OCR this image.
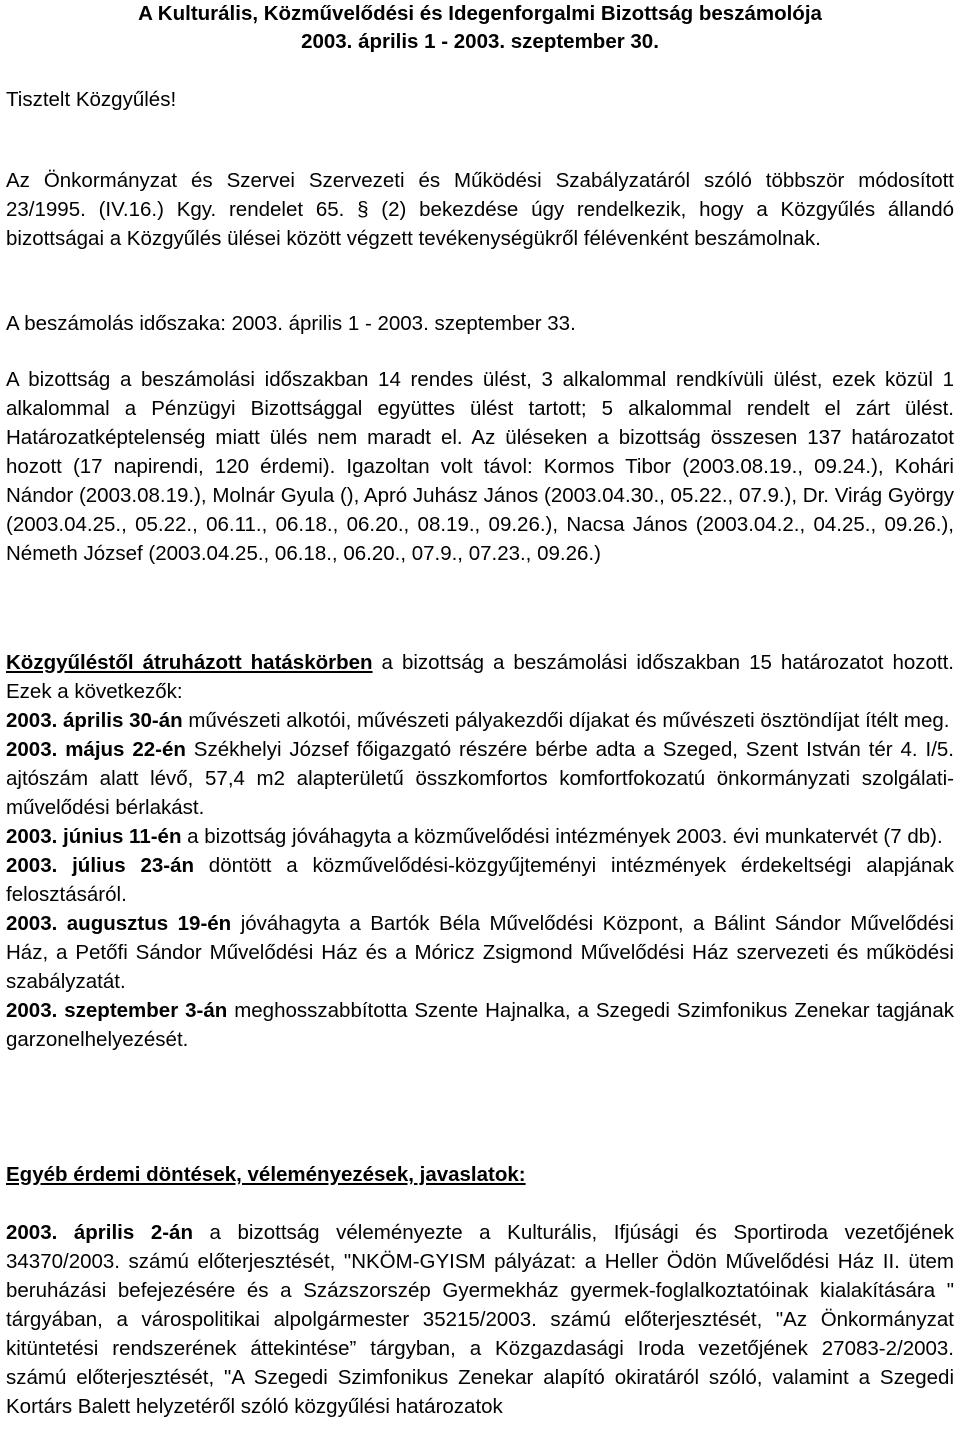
A Kulturális, Közművelődési és Idegenforgalmi Bizottság beszámolója
2003. április 1 - 2003. szeptember 30.

Tisztelt Közgyűlés!

Az Önkormányzat és Szervei Szervezeti és Működési Szabályzatáról szóló többször módosított 23/1995. (IV.16.) Kgy. rendelet 65. § (2) bekezdése úgy rendelkezik, hogy a Közgyűlés állandó bizottságai a Közgyűlés ülései között végzett tevékenységükről félévenként beszámolnak.

A beszámolás időszaka: 2003. április 1 - 2003. szeptember 33.

A bizottság a beszámolási időszakban 14 rendes ülést, 3 alkalommal rendkívüli ülést, ezek közül 1 alkalommal a Pénzügyi Bizottsággal együttes ülést tartott; 5 alkalommal rendelt el zárt ülést. Határozatképtelenség miatt ülés nem maradt el. Az üléseken a bizottság összesen 137 határozatot hozott (17 napirendi, 120 érdemi). Igazoltan volt távol: Kormos Tibor (2003.08.19., 09.24.), Kohári Nándor (2003.08.19.), Molnár Gyula (), Apró Juhász János (2003.04.30., 05.22., 07.9.), Dr. Virág György (2003.04.25., 05.22., 06.11., 06.18., 06.20., 08.19., 09.26.), Nacsa János (2003.04.2., 04.25., 09.26.), Németh József (2003.04.25., 06.18., 06.20., 07.9., 07.23., 09.26.)

Közgyűléstől átruházott hatáskörben a bizottság a beszámolási időszakban 15 határozatot hozott. Ezek a következők:

2003. április 30-án művészeti alkotói, művészeti pályakezdői díjakat és művészeti ösztöndíjat ítélt meg.

2003. május 22-én Székhelyi József főigazgató részére bérbe adta a Szeged, Szent István tér 4. I/5. ajtószám alatt lévő, 57,4 m2 alapterületű összkomfortos komfortfokozatú önkormányzati szolgálati-művelődési bérlakást.

2003. június 11-én a bizottság jóváhagyta a közművelődési intézmények 2003. évi munkatervét (7 db).

2003. július 23-án döntött a közművelődési-közgyűjteményi intézmények érdekeltségi alapjának felosztásáról.

2003. augusztus 19-én jóváhagyta a Bartók Béla Művelődési Központ, a Bálint Sándor Művelődési Ház, a Petőfi Sándor Művelődési Ház és a Móricz Zsigmond Művelődési Ház szervezeti és működési szabályzatát.

2003. szeptember 3-án meghosszabbította Szente Hajnalka, a Szegedi Szimfonikus Zenekar tagjának garzonelhelyezését.

Egyéb érdemi döntések, véleményezések, javaslatok:

2003. április 2-án a bizottság véleményezte a Kulturális, Ifjúsági és Sportiroda vezetőjének 34370/2003. számú előterjesztését, "NKÖM-GYISM pályázat: a Heller Ödön Művelődési Ház II. ütem beruházási befejezésére és a Százszorszép Gyermekház gyermek-foglalkoztatóinak kialakítására " tárgyában, a várospolitikai alpolgármester 35215/2003. számú előterjesztését, "Az Önkormányzat kitüntetési rendszerének áttekintése” tárgyban, a Közgazdasági Iroda vezetőjének 27083-2/2003. számú előterjesztését, "A Szegedi Szimfonikus Zenekar alapító okiratáról szóló, valamint a Szegedi Kortárs Balett helyzetéről szóló közgyűlési határozatok
